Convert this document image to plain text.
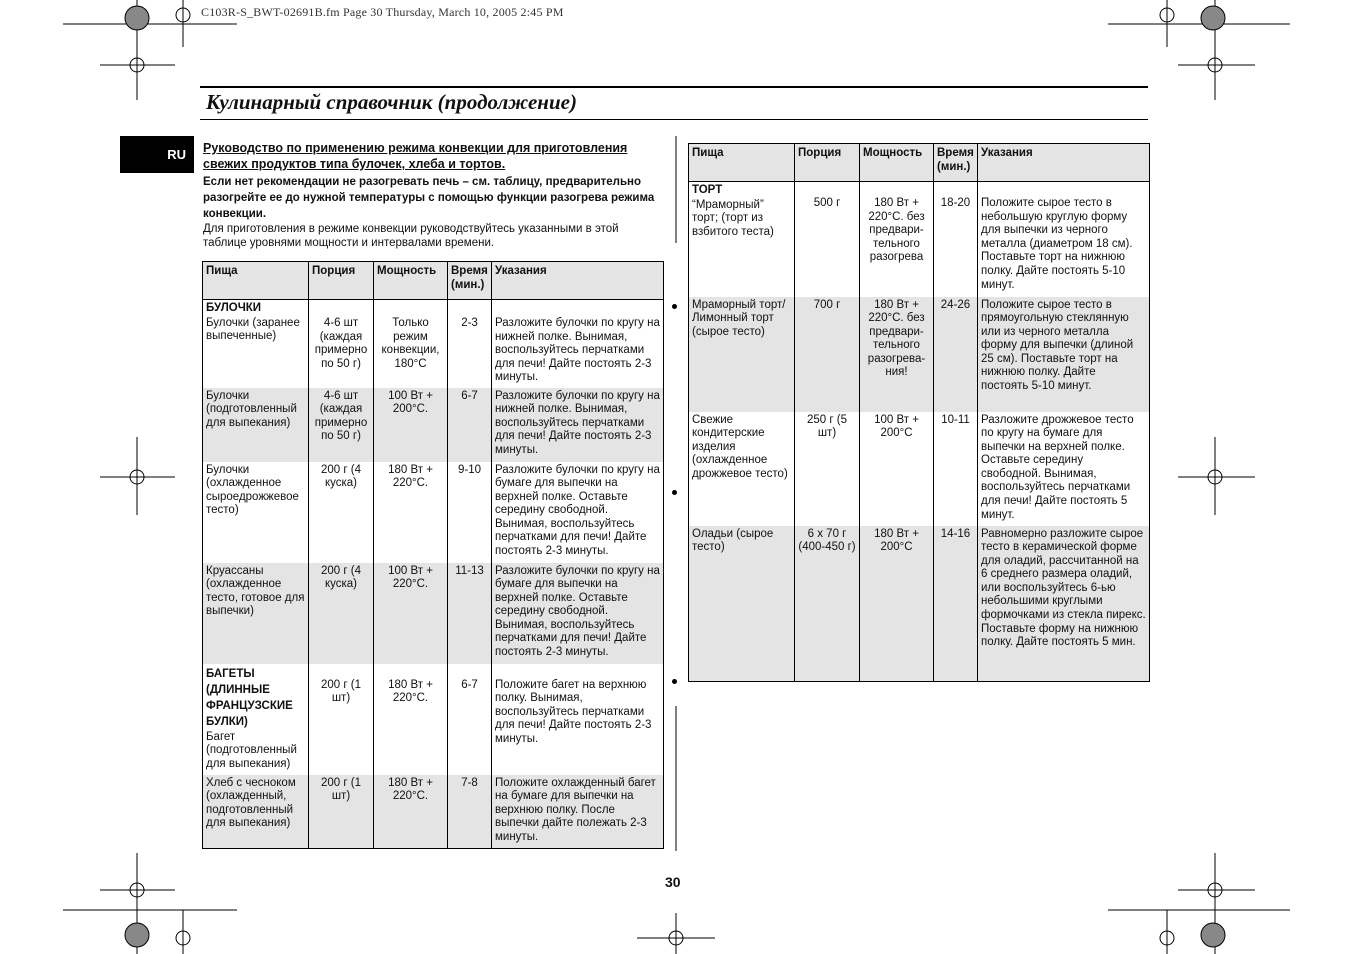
C103R-S_BWT-02691B.fm Page 30 Thursday, March 10, 2005 2:45 PM
Кулинарный справочник (продолжение)
RU Руководство по применению режима конвекции для приготовления свежих продуктов типа булочек, хлеба и тортов.
Если нет рекомендации не разогревать печь – см. таблицу, предварительно разогрейте ее до нужной температуры с помощью функции разогрева режима конвекции.
Для приготовления в режиме конвекции руководствуйтесь указанными в этой таблице уровнями мощности и интервалами времени.
Пища	Порция	Мощность	Время (мин.)	Указания

БУЛОЧКИ
Булочки (заранее выпеченные)	4-6 шт (каждая примерно по 50 г)	Только режим конвекции, 180°C	2-3	Разложите булочки по кругу на нижней полке. Вынимая, воспользуйтесь перчатками для печи! Дайте постоять 2-3 минуты.
Булочки (подготовленный для выпекания)	4-6 шт (каждая примерно по 50 г)	100 Вт + 200°C.	6-7	Разложите булочки по кругу на нижней полке. Вынимая, воспользуйтесь перчатками для печи! Дайте постоять 2-3 минуты.
Булочки (охлажденное сыроедрожжевое тесто)	200 г (4 куска)	180 Вт + 220°C.	9-10	Разложите булочки по кругу на бумаге для выпечки на верхней полке. Оставьте середину свободной. Вынимая, воспользуйтесь перчатками для печи! Дайте постоять 2-3 минуты.
Круассаны (охлажденное тесто, готовое для выпечки)	200 г (4 куска)	100 Вт + 220°C.	11-13	Разложите булочки по кругу на бумаге для выпечки на верхней полке. Оставьте середину свободной. Вынимая, воспользуйтесь перчатками для печи! Дайте постоять 2-3 минуты.

БАГЕТЫ (ДЛИННЫЕ ФРАНЦУЗСКИЕ БУЛКИ)
Багет (подготовленный для выпекания)	200 г (1 шт)	180 Вт + 220°C.	6-7	Положите багет на верхнюю полку. Вынимая, воспользуйтесь перчатками для печи! Дайте постоять 2-3 минуты.
Хлеб с чесноком (охлажденный, подготовленный для выпекания)	200 г (1 шт)	180 Вт + 220°C.	7-8	Положите охлажденный багет на бумаге для выпечки на верхнюю полку. После выпечки дайте полежать 2-3 минуты.
Пища	Порция	Мощность	Время (мин.)	Указания

ТОРТ
“Мраморный” торт; (торт из взбитого теста)	500 г	180 Вт + 220°C. без предвари-тельного разогрева	18-20	Положите сырое тесто в небольшую круглую форму для выпечки из черного металла (диаметром 18 см). Поставьте торт на нижнюю полку. Дайте постоять 5-10 минут.
Мраморный торт/ Лимонный торт (сырое тесто)	700 г	180 Вт + 220°C. без предвари-тельного разогрева-ния!	24-26	Положите сырое тесто в прямоугольную стеклянную или из черного металла форму для выпечки (длиной 25 см). Поставьте торт на нижнюю полку. Дайте постоять 5-10 минут.
Свежие кондитерские изделия (охлажденное дрожжевое тесто)	250 г (5 шт)	100 Вт + 200°C	10-11	Разложите дрожжевое тесто по кругу на бумаге для выпечки на верхней полке. Оставьте середину свободной. Вынимая, воспользуйтесь перчатками для печи! Дайте постоять 5 минут.
Оладьи (сырое тесто)	6 x 70 г (400-450 г)	180 Вт + 200°C	14-16	Равномерно разложите сырое тесто в керамической форме для оладий, рассчитанной на 6 среднего размера оладий, или воспользуйтесь 6-ью небольшими круглыми формочками из стекла пирекс. Поставьте форму на нижнюю полку. Дайте постоять 5 мин.
30
